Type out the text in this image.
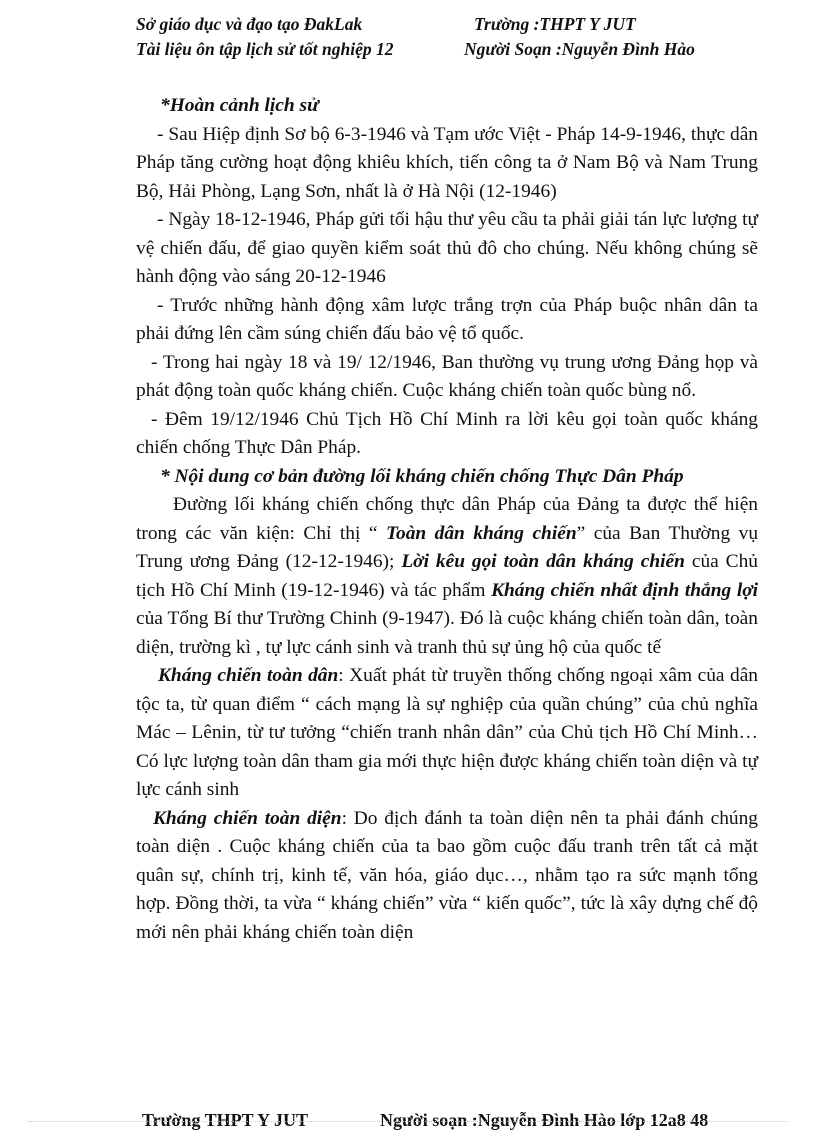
Sở giáo dục và đạo tạo ĐakLak	Trường :THPT Y JUT
Tài liệu ôn tập lịch sử tốt nghiệp 12	Người Soạn :Nguyễn Đình Hào

*Hoàn cảnh lịch sử

- Sau Hiệp định Sơ bộ 6-3-1946 và Tạm ước Việt - Pháp 14-9-1946, thực dân Pháp tăng cường hoạt động khiêu khích, tiến công ta ở Nam Bộ và Nam Trung Bộ, Hải Phòng, Lạng Sơn, nhất là ở Hà Nội (12-1946)

- Ngày 18-12-1946, Pháp gửi tối hậu thư yêu cầu ta phải giải tán lực lượng tự vệ chiến đấu, để giao quyền kiểm soát thủ đô cho chúng. Nếu không chúng sẽ hành động vào sáng 20-12-1946

- Trước những hành động xâm lược trắng trợn của Pháp buộc nhân dân ta phải đứng lên cầm súng chiến đấu bảo vệ tổ quốc.

- Trong hai ngày 18 và 19/ 12/1946, Ban thường vụ trung ương Đảng họp và phát động toàn quốc kháng chiến. Cuộc kháng chiến toàn quốc bùng nổ.

- Đêm 19/12/1946 Chủ Tịch Hồ Chí Minh ra lời kêu gọi toàn quốc kháng chiến chống Thực Dân Pháp.

* Nội dung cơ bản đường lối kháng chiến chống Thực Dân Pháp

Đường lối kháng chiến chống thực dân Pháp của Đảng ta được thể hiện trong các văn kiện: Chỉ thị “ Toàn dân kháng chiến” của Ban Thường vụ Trung ương Đảng (12-12-1946); Lời kêu gọi toàn dân kháng chiến của Chủ tịch Hồ Chí Minh (19-12-1946) và tác phẩm Kháng chiến nhất định thắng lợi của Tổng Bí thư Trường Chinh (9-1947). Đó là cuộc kháng chiến toàn dân, toàn diện, trường kì , tự lực cánh sinh và tranh thủ sự ủng hộ của quốc tế

Kháng chiến toàn dân: Xuất phát từ truyền thống chống ngoại xâm của dân tộc ta, từ quan điểm “ cách mạng là sự nghiệp của quần chúng” của chủ nghĩa Mác – Lênin, từ tư tưởng “chiến tranh nhân dân” của Chủ tịch Hồ Chí Minh…Có lực lượng toàn dân tham gia mới thực hiện được kháng chiến toàn diện và tự lực cánh sinh

Kháng chiến toàn diện: Do địch đánh ta toàn diện nên ta phải đánh chúng toàn diện . Cuộc kháng chiến của ta bao gồm cuộc đấu tranh trên tất cả mặt quân sự, chính trị, kinh tế, văn hóa, giáo dục…, nhằm tạo ra sức mạnh tổng hợp. Đồng thời, ta vừa “ kháng chiến” vừa “ kiến quốc”, tức là xây dựng chế độ mới nên phải kháng chiến toàn diện

Trường THPT Y JUT	Người soạn :Nguyễn Đình Hào lớp 12a8 48
